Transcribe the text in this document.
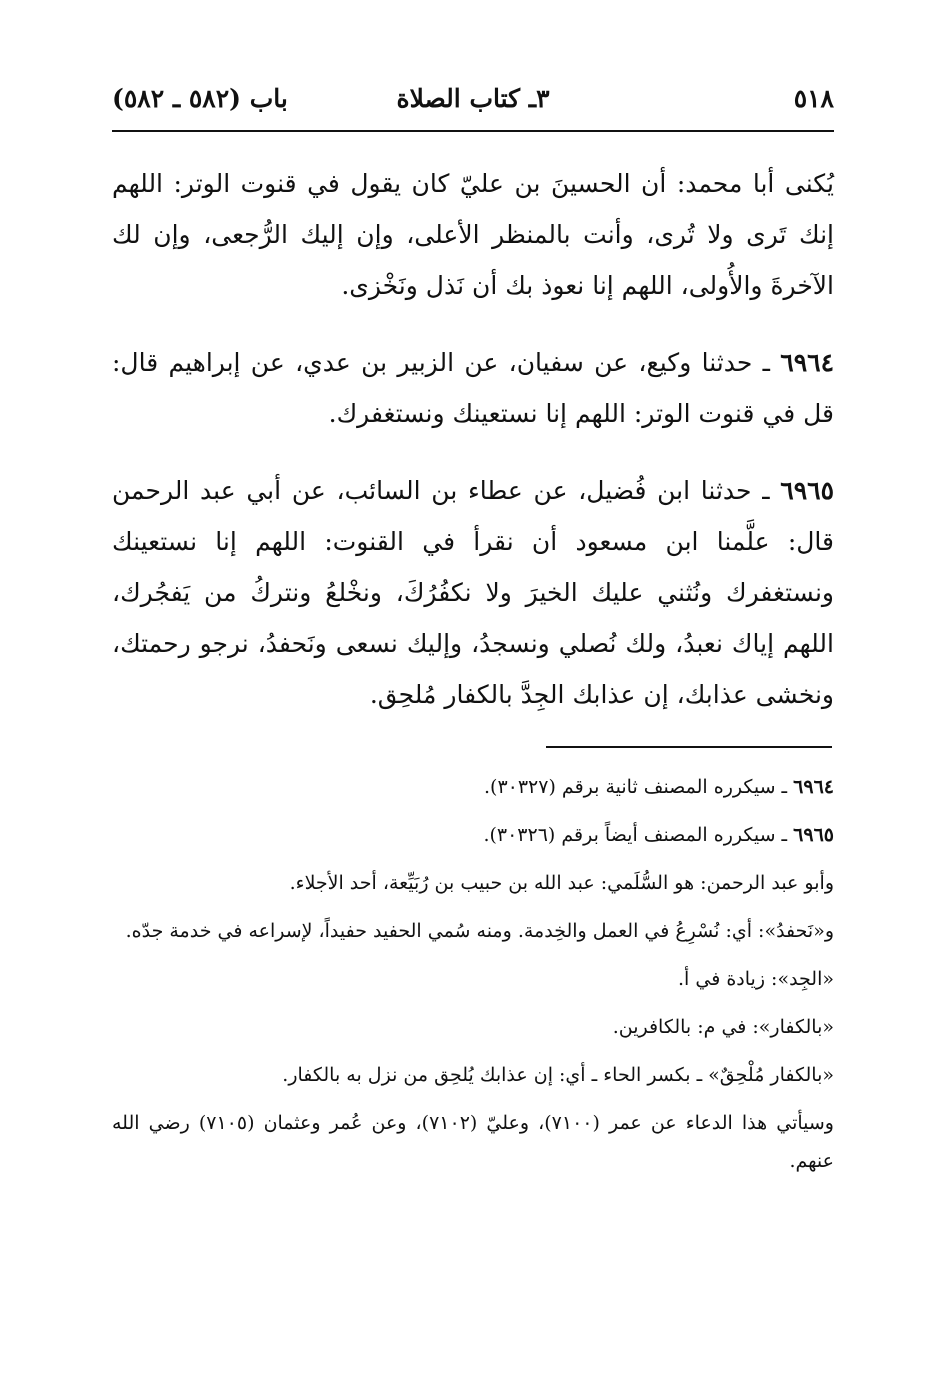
٥١٨
٣ـ كتاب الصلاة
باب (٥٨٢ ـ ٥٨٢)

يُكنى أبا محمد: أن الحسينَ بن عليّ كان يقول في قنوت الوتر: اللهم إنك تَرى ولا تُرى، وأنت بالمنظر الأعلى، وإن إليك الرُّجعى، وإن لك الآخرةَ والأُولى، اللهم إنا نعوذ بك أن نَذل ونَخْزى.

٦٩٦٤ ـ حدثنا وكيع، عن سفيان، عن الزبير بن عدي، عن إبراهيم قال: قل في قنوت الوتر: اللهم إنا نستعينك ونستغفرك.

٦٩٦٥ ـ حدثنا ابن فُضيل، عن عطاء بن السائب، عن أبي عبد الرحمن قال: علَّمنا ابن مسعود أن نقرأ في القنوت: اللهم إنا نستعينك ونستغفرك ونُثني عليك الخيرَ ولا نكفُرُكَ، ونخْلعُ ونتركُ من يَفجُرك، اللهم إياك نعبدُ، ولك نُصلي ونسجدُ، وإليك نسعى ونَحفدُ، نرجو رحمتك، ونخشى عذابك، إن عذابك الجِدَّ بالكفار مُلحِق.

٦٩٦٤ ـ سيكرره المصنف ثانية برقم (٣٠٣٢٧).

٦٩٦٥ ـ سيكرره المصنف أيضاً برقم (٣٠٣٢٦).

وأبو عبد الرحمن: هو السُّلَمي: عبد الله بن حبيب بن رُبَيِّعة، أحد الأجلاء.

و«نَحفدُ»: أي: نُسْرِعُ في العمل والخِدمة. ومنه سُمي الحفيد حفيداً، لإسراعه في خدمة جدّه.

«الجِد»: زيادة في أ.

«بالكفار»: في م: بالكافرين.

«بالكفار مُلْحِقٌ» ـ بكسر الحاء ـ أي: إن عذابك يُلحِق من نزل به بالكفار.

وسيأتي هذا الدعاء عن عمر (٧١٠٠)، وعليّ (٧١٠٢)، وعن عُمر وعثمان (٧١٠٥) رضي الله عنهم.
